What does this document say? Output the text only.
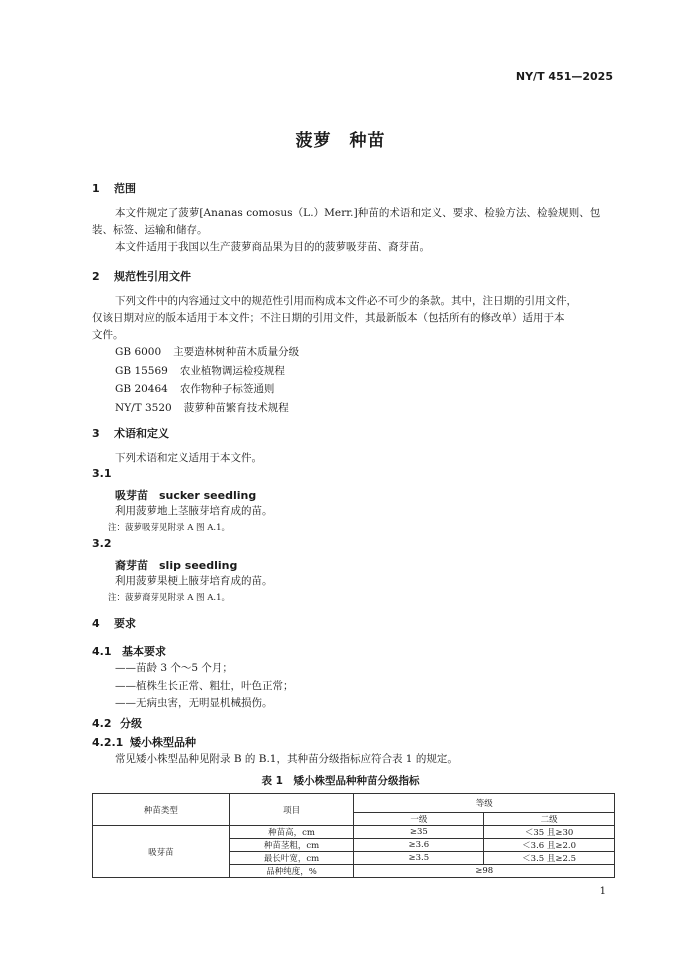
NY/T 451—2025
菠萝　种苗
1 范围
本文件规定了菠萝[Ananas comosus（L.）Merr.]种苗的术语和定义、要求、检验方法、检验规则、包
装、标签、运输和储存。
本文件适用于我国以生产菠萝商品果为目的的菠萝吸芽苗、裔芽苗。
2 规范性引用文件
下列文件中的内容通过文中的规范性引用而构成本文件必不可少的条款。其中，注日期的引用文件，
仅该日期对应的版本适用于本文件；不注日期的引用文件，其最新版本（包括所有的修改单）适用于本
文件。
GB 6000 主要造林树种苗木质量分级
GB 15569 农业植物调运检疫规程
GB 20464 农作物种子标签通则
NY/T 3520 菠萝种苗繁育技术规程
3 术语和定义
下列术语和定义适用于本文件。
3.1
吸芽苗　sucker seedling
利用菠萝地上茎腋芽培育成的苗。
注：菠萝吸芽见附录 A 图 A.1。
3.2
裔芽苗　slip seedling
利用菠萝果梗上腋芽培育成的苗。
注：菠萝裔芽见附录 A 图 A.1。
4 要求
4.1 基本要求
——苗龄 3 个～5 个月；
——植株生长正常、粗壮，叶色正常；
——无病虫害，无明显机械损伤。
4.2 分级
4.2.1 矮小株型品种
常见矮小株型品种见附录 B 的 B.1，其种苗分级指标应符合表 1 的规定。
表 1　矮小株型品种种苗分级指标
种苗类型	项目	等级	
		一级	二级
吸芽苗	种苗高，cm	≥35	＜35 且≥30
	种苗茎粗，cm	≥3.6	＜3.6 且≥2.0
	最长叶宽，cm	≥3.5	＜3.5 且≥2.5
	品种纯度，%	≥98	
1
